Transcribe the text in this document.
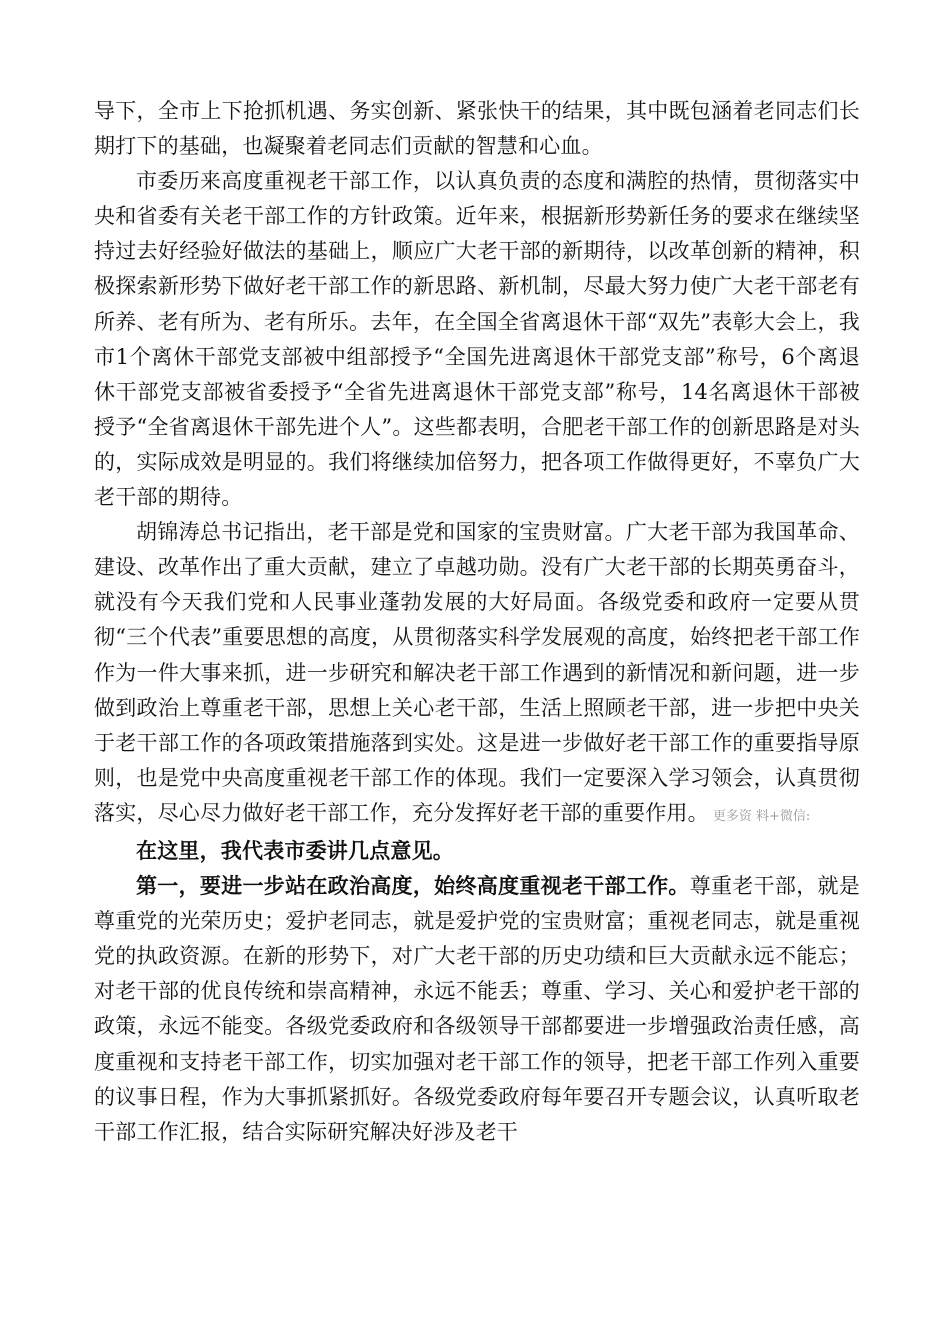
导下，全市上下抢抓机遇、务实创新、紧张快干的结果，其中既包涵着老同志们长期打下的基础，也凝聚着老同志们贡献的智慧和心血。

市委历来高度重视老干部工作，以认真负责的态度和满腔的热情，贯彻落实中央和省委有关老干部工作的方针政策。近年来，根据新形势新任务的要求在继续坚持过去好经验好做法的基础上，顺应广大老干部的新期待，以改革创新的精神，积极探索新形势下做好老干部工作的新思路、新机制，尽最大努力使广大老干部老有所养、老有所为、老有所乐。去年，在全国全省离退休干部“双先”表彰大会上，我市1个离休干部党支部被中组部授予“全国先进离退休干部党支部”称号，6个离退休干部党支部被省委授予“全省先进离退休干部党支部”称号，14名离退休干部被授予“全省离退休干部先进个人”。这些都表明，合肥老干部工作的创新思路是对头的，实际成效是明显的。我们将继续加倍努力，把各项工作做得更好，不辜负广大老干部的期待。

胡锦涛总书记指出，老干部是党和国家的宝贵财富。广大老干部为我国革命、建设、改革作出了重大贡献，建立了卓越功勋。没有广大老干部的长期英勇奋斗，就没有今天我们党和人民事业蓬勃发展的大好局面。各级党委和政府一定要从贯彻“三个代表”重要思想的高度，从贯彻落实科学发展观的高度，始终把老干部工作作为一件大事来抓，进一步研究和解决老干部工作遇到的新情况和新问题，进一步做到政治上尊重老干部，思想上关心老干部，生活上照顾老干部，进一步把中央关于老干部工作的各项政策措施落到实处。这是进一步做好老干部工作的重要指导原则，也是党中央高度重视老干部工作的体现。我们一定要深入学习领会，认真贯彻落实，尽心尽力做好老干部工作，充分发挥好老干部的重要作用。 更多资 料+微信:

在这里，我代表市委讲几点意见。

第一，要进一步站在政治高度，始终高度重视老干部工作。尊重老干部，就是尊重党的光荣历史；爱护老同志，就是爱护党的宝贵财富；重视老同志，就是重视党的执政资源。在新的形势下，对广大老干部的历史功绩和巨大贡献永远不能忘；对老干部的优良传统和崇高精神，永远不能丢；尊重、学习、关心和爱护老干部的政策，永远不能变。各级党委政府和各级领导干部都要进一步增强政治责任感，高度重视和支持老干部工作，切实加强对老干部工作的领导，把老干部工作列入重要的议事日程，作为大事抓紧抓好。各级党委政府每年要召开专题会议，认真听取老干部工作汇报，结合实际研究解决好涉及老干
